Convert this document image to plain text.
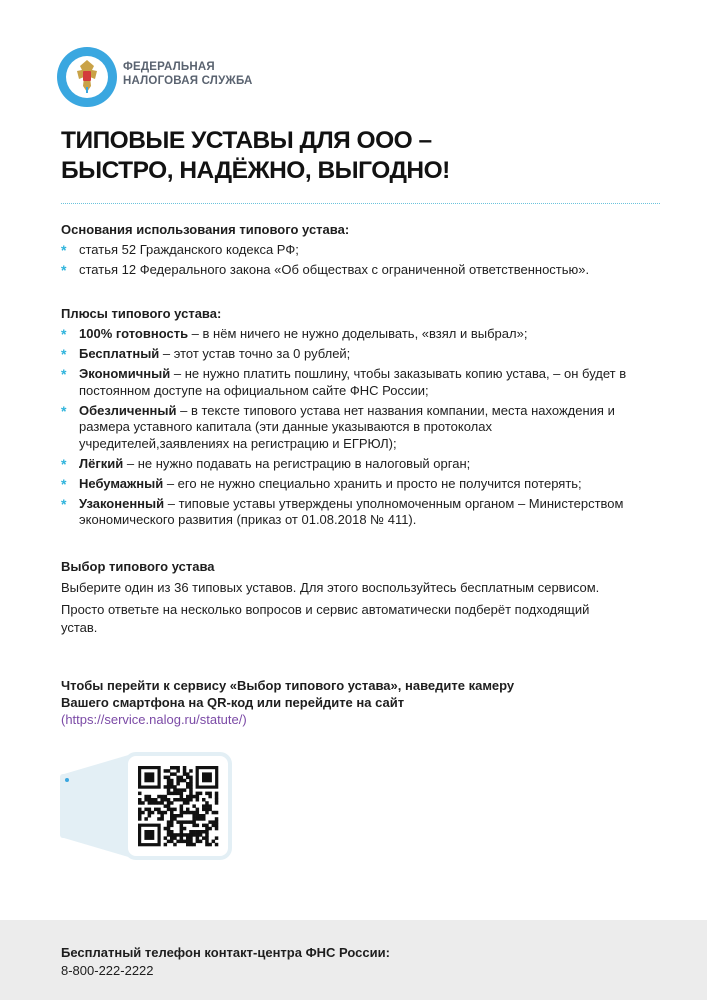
ФЕДЕРАЛЬНАЯ
НАЛОГОВАЯ СЛУЖБА
ТИПОВЫЕ УСТАВЫ ДЛЯ ООО –
БЫСТРО, НАДЁЖНО, ВЫГОДНО!
Основания использования типового устава:
* статья 52 Гражданского кодекса РФ;
* статья 12 Федерального закона «Об обществах с ограниченной ответственностью».
Плюсы типового устава:
* 100% готовность – в нём ничего не нужно доделывать, «взял и выбрал»;
* Бесплатный – этот устав точно за 0 рублей;
* Экономичный – не нужно платить пошлину, чтобы заказывать копию устава, – он будет в постоянном доступе на официальном сайте ФНС России;
* Обезличенный – в тексте типового устава нет названия компании, места нахождения и размера уставного капитала (эти данные указываются в протоколах учредителей,заявлениях на регистрацию и ЕГРЮЛ);
* Лёгкий – не нужно подавать на регистрацию в налоговый орган;
* Небумажный – его не нужно специально хранить и просто не получится потерять;
* Узаконенный – типовые уставы утверждены уполномоченным органом – Министерством экономического развития (приказ от 01.08.2018 № 411).
Выбор типового устава

Выберите один из 36 типовых уставов. Для этого воспользуйтесь бесплатным сервисом.

Просто ответьте на несколько вопросов и сервис автоматически подберёт подходящий устав.

Чтобы перейти к сервису «Выбор типового устава», наведите камеру
Вашего смартфона на QR-код или перейдите на сайт
(https://service.nalog.ru/statute/)
Бесплатный телефон контакт-центра ФНС России:
8-800-222-2222
